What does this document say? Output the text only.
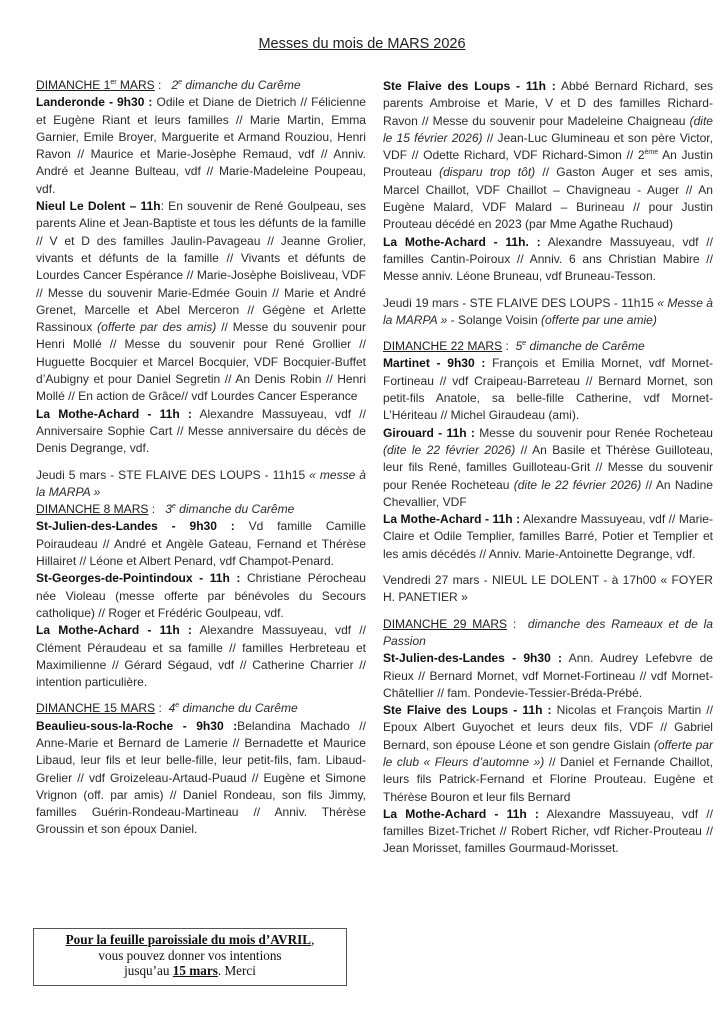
Messes du mois de MARS 2026

DIMANCHE 1er MARS : 2e dimanche du Carême

Landeronde - 9h30 : Odile et Diane de Dietrich // Félicienne et Eugène Riant et leurs familles // Marie Martin, Emma Garnier, Emile Broyer, Marguerite et Armand Rouziou, Henri Ravon // Maurice et Marie-Josèphe Remaud, vdf // Anniv. André et Jeanne Bulteau, vdf // Marie-Madeleine Poupeau, vdf.

Nieul Le Dolent – 11h: En souvenir de René Goulpeau, ses parents Aline et Jean-Baptiste et tous les défunts de la famille // V et D des familles Jaulin-Pavageau // Jeanne Grolier, vivants et défunts de la famille // Vivants et défunts de Lourdes Cancer Espérance // Marie-Josèphe Boisliveau, VDF // Messe du souvenir Marie-Edmée Gouin // Marie et André Grenet, Marcelle et Abel Merceron // Gégène et Arlette Rassinoux (offerte par des amis) // Messe du souvenir pour Henri Mollé // Messe du souvenir pour René Grollier // Huguette Bocquier et Marcel Bocquier, VDF Bocquier-Buffet d’Aubigny et pour Daniel Segretin // An Denis Robin // Henri Mollé // En action de Grâce// vdf Lourdes Cancer Esperance

La Mothe-Achard - 11h : Alexandre Massuyeau, vdf // Anniversaire Sophie Cart // Messe anniversaire du décès de Denis Degrange, vdf.

Jeudi 5 mars - STE FLAIVE DES LOUPS - 11h15 « messe à la MARPA »

DIMANCHE 8 MARS : 3e dimanche du Carême

St-Julien-des-Landes - 9h30 : Vd famille Camille Poiraudeau // André et Angèle Gateau, Fernand et Thérèse Hillairet // Léone et Albert Penard, vdf Champot-Penard.

St-Georges-de-Pointindoux - 11h : Christiane Pérocheau née Violeau (messe offerte par bénévoles du Secours catholique) // Roger et Frédéric Goulpeau, vdf.

La Mothe-Achard - 11h : Alexandre Massuyeau, vdf // Clément Péraudeau et sa famille // familles Herbreteau et Maximilienne // Gérard Ségaud, vdf // Catherine Charrier // intention particulière.

DIMANCHE 15 MARS : 4e dimanche du Carême

Beaulieu-sous-la-Roche - 9h30 :Belandina Machado // Anne-Marie et Bernard de Lamerie // Bernadette et Maurice Libaud, leur fils et leur belle-fille, leur petit-fils, fam. Libaud-Grelier // vdf Groizeleau-Artaud-Puaud // Eugène et Simone Vrignon (off. par amis) // Daniel Rondeau, son fils Jimmy, familles Guérin-Rondeau-Martineau // Anniv. Thérèse Groussin et son époux Daniel.

Ste Flaive des Loups - 11h : Abbé Bernard Richard, ses parents Ambroise et Marie, V et D des familles Richard-Ravon // Messe du souvenir pour Madeleine Chaigneau (dite le 15 février 2026) // Jean-Luc Glumineau et son père Victor, VDF // Odette Richard, VDF Richard-Simon // 2ème An Justin Prouteau (disparu trop tôt) // Gaston Auger et ses amis, Marcel Chaillot, VDF Chaillot – Chavigneau - Auger // An Eugène Malard, VDF Malard – Burineau // pour Justin Prouteau décédé en 2023 (par Mme Agathe Ruchaud)

La Mothe-Achard - 11h. : Alexandre Massuyeau, vdf // familles Cantin-Poiroux // Anniv. 6 ans Christian Mabire // Messe anniv. Léone Bruneau, vdf Bruneau-Tesson.

Jeudi 19 mars - STE FLAIVE DES LOUPS - 11h15 « Messe à la MARPA » - Solange Voisin (offerte par une amie)

DIMANCHE 22 MARS : 5e dimanche de Carême

Martinet - 9h30 : François et Emilia Mornet, vdf Mornet-Fortineau // vdf Craipeau-Barreteau // Bernard Mornet, son petit-fils Anatole, sa belle-fille Catherine, vdf Mornet-L’Hériteau // Michel Giraudeau (ami).

Girouard - 11h : Messe du souvenir pour Renée Rocheteau (dite le 22 février 2026) // An Basile et Thérèse Guilloteau, leur fils René, familles Guilloteau-Grit // Messe du souvenir pour Renée Rocheteau (dite le 22 février 2026) // An Nadine Chevallier, VDF

La Mothe-Achard - 11h : Alexandre Massuyeau, vdf // Marie-Claire et Odile Templier, familles Barré, Potier et Templier et les amis décédés // Anniv. Marie-Antoinette Degrange, vdf.

Vendredi 27 mars - NIEUL LE DOLENT - à 17h00 « FOYER H. PANETIER »

DIMANCHE 29 MARS : dimanche des Rameaux et de la Passion

St-Julien-des-Landes - 9h30 : Ann. Audrey Lefebvre de Rieux // Bernard Mornet, vdf Mornet-Fortineau // vdf Mornet-Châtellier // fam. Pondevie-Tessier-Bréda-Prébé.

Ste Flaive des Loups - 11h : Nicolas et François Martin // Epoux Albert Guyochet et leurs deux fils, VDF // Gabriel Bernard, son épouse Léone et son gendre Gislain (offerte par le club « Fleurs d’automne ») // Daniel et Fernande Chaillot, leurs fils Patrick-Fernand et Florine Prouteau. Eugène et Thérèse Bouron et leur fils Bernard

La Mothe-Achard - 11h : Alexandre Massuyeau, vdf // familles Bizet-Trichet // Robert Richer, vdf Richer-Prouteau // Jean Morisset, familles Gourmaud-Morisset.

Pour la feuille paroissiale du mois d’AVRIL,
vous pouvez donner vos intentions
jusqu’au 15 mars. Merci
